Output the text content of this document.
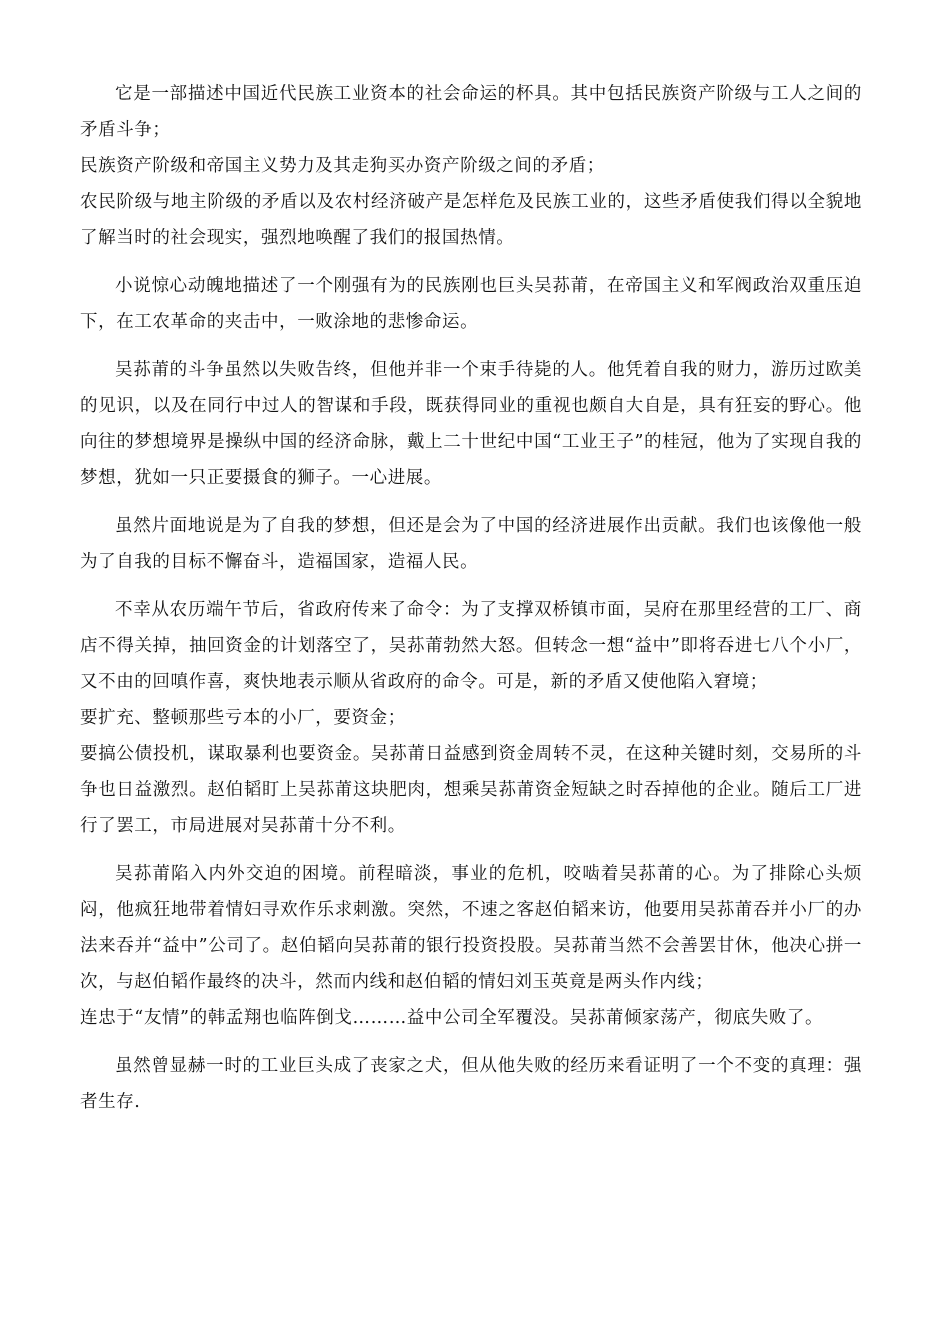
它是一部描述中国近代民族工业资本的社会命运的杯具。其中包括民族资产阶级与工人之间的矛盾斗争；

民族资产阶级和帝国主义势力及其走狗买办资产阶级之间的矛盾；

农民阶级与地主阶级的矛盾以及农村经济破产是怎样危及民族工业的，这些矛盾使我们得以全貌地了解当时的社会现实，强烈地唤醒了我们的报国热情。

小说惊心动魄地描述了一个刚强有为的民族刚也巨头吴荪莆，在帝国主义和军阀政治双重压迫下，在工农革命的夹击中，一败涂地的悲惨命运。

吴荪莆的斗争虽然以失败告终，但他并非一个束手待毙的人。他凭着自我的财力，游历过欧美的见识，以及在同行中过人的智谋和手段，既获得同业的重视也颇自大自是，具有狂妄的野心。他向往的梦想境界是操纵中国的经济命脉，戴上二十世纪中国“工业王子”的桂冠，他为了实现自我的梦想，犹如一只正要摄食的狮子。一心进展。

虽然片面地说是为了自我的梦想，但还是会为了中国的经济进展作出贡献。我们也该像他一般为了自我的目标不懈奋斗，造福国家，造福人民。

不幸从农历端午节后，省政府传来了命令：为了支撑双桥镇市面，吴府在那里经营的工厂、商店不得关掉，抽回资金的计划落空了，吴荪莆勃然大怒。但转念一想“益中”即将吞进七八个小厂，又不由的回嗔作喜，爽快地表示顺从省政府的命令。可是，新的矛盾又使他陷入窘境；

要扩充、整顿那些亏本的小厂，要资金；

要搞公债投机，谋取暴利也要资金。吴荪莆日益感到资金周转不灵，在这种关键时刻，交易所的斗争也日益激烈。赵伯韬盯上吴荪莆这块肥肉，想乘吴荪莆资金短缺之时吞掉他的企业。随后工厂进行了罢工，市局进展对吴荪莆十分不利。

吴荪莆陷入内外交迫的困境。前程暗淡，事业的危机，咬啮着吴荪莆的心。为了排除心头烦闷，他疯狂地带着情妇寻欢作乐求刺激。突然，不速之客赵伯韬来访，他要用吴荪莆吞并小厂的办法来吞并“益中”公司了。赵伯韬向吴荪莆的银行投资投股。吴荪莆当然不会善罢甘休，他决心拼一次，与赵伯韬作最终的决斗，然而内线和赵伯韬的情妇刘玉英竟是两头作内线；

连忠于“友情”的韩孟翔也临阵倒戈………益中公司全军覆没。吴荪莆倾家荡产，彻底失败了。

虽然曾显赫一时的工业巨头成了丧家之犬，但从他失败的经历来看证明了一个不变的真理：强者生存.
